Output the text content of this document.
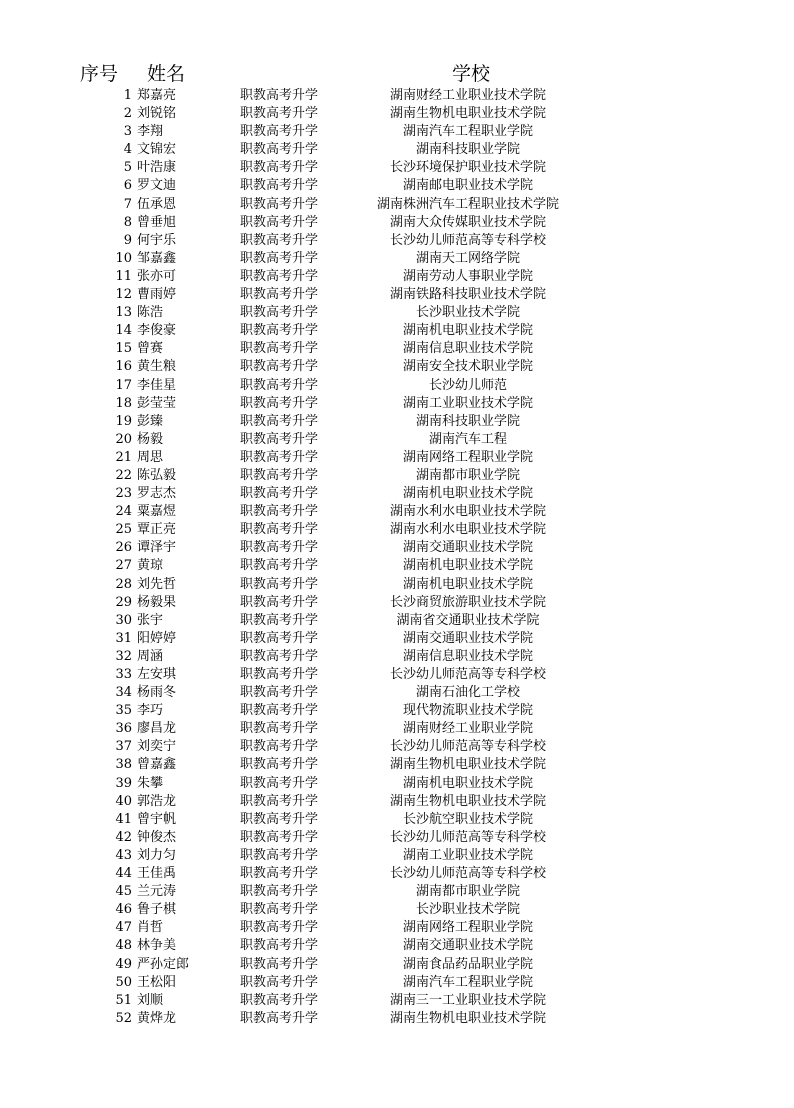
序号 姓名	学校
1 郑嘉亮	职教高考升学	湖南财经工业职业技术学院
2 刘锐铭	职教高考升学	湖南生物机电职业技术学院
3 李翔	职教高考升学	湖南汽车工程职业学院
4 文锦宏	职教高考升学	湖南科技职业学院
5 叶浩康	职教高考升学	长沙环境保护职业技术学院
6 罗文迪	职教高考升学	湖南邮电职业技术学院
7 伍承恩	职教高考升学	湖南株洲汽车工程职业技术学院
8 曾垂旭	职教高考升学	湖南大众传媒职业技术学院
9 何宇乐	职教高考升学	长沙幼儿师范高等专科学校
10 邹嘉鑫	职教高考升学	湖南天工网络学院
11 张亦可	职教高考升学	湖南劳动人事职业学院
12 曹雨婷	职教高考升学	湖南铁路科技职业技术学院
13 陈浩	职教高考升学	长沙职业技术学院
14 李俊豪	职教高考升学	湖南机电职业技术学院
15 曾赛	职教高考升学	湖南信息职业技术学院
16 黄生粮	职教高考升学	湖南安全技术职业学院
17 李佳星	职教高考升学	长沙幼儿师范
18 彭莹莹	职教高考升学	湖南工业职业技术学院
19 彭臻	职教高考升学	湖南科技职业学院
20 杨毅	职教高考升学	湖南汽车工程
21 周思	职教高考升学	湖南网络工程职业学院
22 陈弘毅	职教高考升学	湖南都市职业学院
23 罗志杰	职教高考升学	湖南机电职业技术学院
24 粟嘉煜	职教高考升学	湖南水利水电职业技术学院
25 覃正亮	职教高考升学	湖南水利水电职业技术学院
26 谭泽宇	职教高考升学	湖南交通职业技术学院
27 黄琼	职教高考升学	湖南机电职业技术学院
28 刘先哲	职教高考升学	湖南机电职业技术学院
29 杨毅果	职教高考升学	长沙商贸旅游职业技术学院
30 张宇	职教高考升学	湖南省交通职业技术学院
31 阳婷婷	职教高考升学	湖南交通职业技术学院
32 周涵	职教高考升学	湖南信息职业技术学院
33 左安琪	职教高考升学	长沙幼儿师范高等专科学校
34 杨雨冬	职教高考升学	湖南石油化工学校
35 李巧	职教高考升学	现代物流职业技术学院
36 廖昌龙	职教高考升学	湖南财经工业职业学院
37 刘奕宁	职教高考升学	长沙幼儿师范高等专科学校
38 曾嘉鑫	职教高考升学	湖南生物机电职业技术学院
39 朱攀	职教高考升学	湖南机电职业技术学院
40 郭浩龙	职教高考升学	湖南生物机电职业技术学院
41 曾宇帆	职教高考升学	长沙航空职业技术学院
42 钟俊杰	职教高考升学	长沙幼儿师范高等专科学校
43 刘力匀	职教高考升学	湖南工业职业技术学院
44 王佳禹	职教高考升学	长沙幼儿师范高等专科学校
45 兰元涛	职教高考升学	湖南都市职业学院
46 鲁子棋	职教高考升学	长沙职业技术学院
47 肖哲	职教高考升学	湖南网络工程职业学院
48 林争美	职教高考升学	湖南交通职业技术学院
49 严孙定郎	职教高考升学	湖南食品药品职业学院
50 王松阳	职教高考升学	湖南汽车工程职业学院
51 刘顺	职教高考升学	湖南三一工业职业技术学院
52 黄烨龙	职教高考升学	湖南生物机电职业技术学院
